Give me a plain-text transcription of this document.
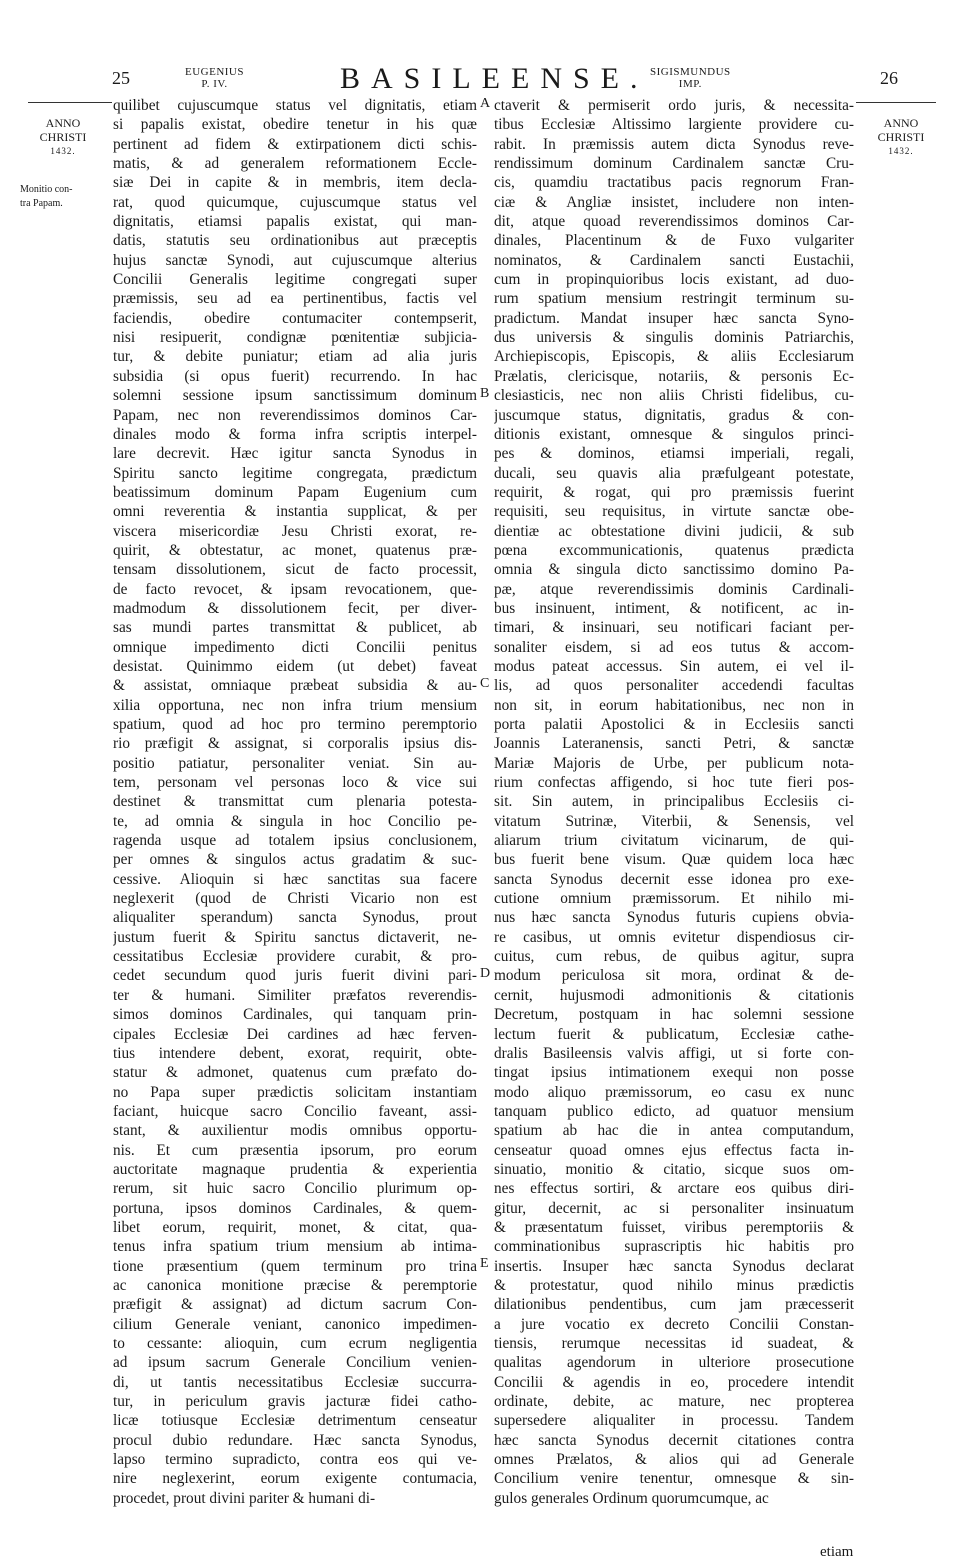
25	EUGENIUS
P. IV.	BASILEENSE. SIGISMUNDUS
IMP.	26
ANNO
CHRISTI
1432.
ANNO
CHRISTI
1432.
Monitio con-
tra Papam.
A
B
C
D
E
quilibet cujuscumque status vel dignitatis, etiam
si papalis existat, obedire tenetur in his quæ
pertinent ad fidem & extirpationem dicti schis-
matis, & ad generalem reformationem Eccle-
siæ Dei in capite & in membris, item decla-
rat, quod quicumque, cujuscumque status vel
dignitatis, etiamsi papalis existat, qui man-
datis, statutis seu ordinationibus aut præceptis
hujus sanctæ Synodi, aut cujuscumque alterius
Concilii Generalis legitime congregati super
præmissis, seu ad ea pertinentibus, factis vel
faciendis, obedire contumaciter contempserit,
nisi resipuerit, condignæ pœnitentiæ subjicia-
tur, & debite puniatur; etiam ad alia juris
subsidia (si opus fuerit) recurrendo. In hac
solemni sessione ipsum sanctissimum dominum
Papam, nec non reverendissimos dominos Car-
dinales modo & forma infra scriptis interpel-
lare decrevit. Hæc igitur sancta Synodus in
Spiritu sancto legitime congregata, prædictum
beatissimum dominum Papam Eugenium cum
omni reverentia & instantia supplicat, & per
viscera misericordiæ Jesu Christi exorat, re-
quirit, & obtestatur, ac monet, quatenus præ-
tensam dissolutionem, sicut de facto processit,
de facto revocet, & ipsam revocationem, que-
madmodum & dissolutionem fecit, per diver-
sas mundi partes transmittat & publicet, ab
omnique impedimento dicti Concilii penitus
desistat. Quinimmo eidem (ut debet) faveat
& assistat, omniaque præbeat subsidia & au-
xilia opportuna, nec non infra trium mensium
spatium, quod ad hoc pro termino peremptorio
rio præfigit & assignat, si corporalis ipsius dis-
positio patiatur, personaliter veniat. Sin au-
tem, personam vel personas loco & vice sui
destinet & transmittat cum plenaria potesta-
te, ad omnia & singula in hoc Concilio pe-
ragenda usque ad totalem ipsius conclusionem,
per omnes & singulos actus gradatim & suc-
cessive. Alioquin si hæc sanctitas sua facere
neglexerit (quod de Christi Vicario non est
aliqualiter sperandum) sancta Synodus, prout
justum fuerit & Spiritu sanctus dictaverit, ne-
cessitatibus Ecclesiæ providere curabit, & pro-
cedet secundum quod juris fuerit divini pari-
ter & humani. Similiter præfatos reverendis-
simos dominos Cardinales, qui tanquam prin-
cipales Ecclesiæ Dei cardines ad hæc ferven-
tius intendere debent, exorat, requirit, obte-
statur & admonet, quatenus cum præfato do-
no Papa super prædictis solicitam instantiam
faciant, huicque sacro Concilio faveant, assi-
stant, & auxilientur modis omnibus opportu-
nis. Et cum præsentia ipsorum, pro eorum
auctoritate magnaque prudentia & experientia
rerum, sit huic sacro Concilio plurimum op-
portuna, ipsos dominos Cardinales, & quem-
libet eorum, requirit, monet, & citat, qua-
tenus infra spatium trium mensium ab intima-
tione præsentium (quem terminum pro trina
ac canonica monitione præcise & peremptorie
præfigit & assignat) ad dictum sacrum Con-
cilium Generale veniant, canonico impedimen-
to cessante: alioquin, cum ecrum negligentia
ad ipsum sacrum Generale Concilium venien-
di, ut tantis necessitatibus Ecclesiæ succurra-
tur, in periculum gravis jacturæ fidei catho-
licæ totiusque Ecclesiæ detrimentum censeatur
procul dubio redundare. Hæc sancta Synodus,
lapso termino supradicto, contra eos qui ve-
nire neglexerint, eorum exigente contumacia,
procedet, prout divini pariter & humani di-
ctaverit & permiserit ordo juris, & necessita-
tibus Ecclesiæ Altissimo largiente providere cu-
rabit. In præmissis autem dicta Synodus reve-
rendissimum dominum Cardinalem sanctæ Cru-
cis, quamdiu tractatibus pacis regnorum Fran-
ciæ & Angliæ insistet, includere non inten-
dit, atque quoad reverendissimos dominos Car-
dinales, Placentinum & de Fuxo vulgariter
nominatos, & Cardinalem sancti Eustachii,
cum in propinquioribus locis existant, ad duo-
rum spatium mensium restringit terminum su-
pradictum. Mandat insuper hæc sancta Syno-
dus universis & singulis dominis Patriarchis,
Archiepiscopis, Episcopis, & aliis Ecclesiarum
Prælatis, clericisque, notariis, & personis Ec-
clesiasticis, nec non aliis Christi fidelibus, cu-
juscumque status, dignitatis, gradus & con-
ditionis existant, omnesque & singulos princi-
pes & dominos, etiamsi imperiali, regali,
ducali, seu quavis alia præfulgeant potestate,
requirit, & rogat, qui pro præmissis fuerint
requisiti, seu requisitus, in virtute sanctæ obe-
dientiæ ac obtestatione divini judicii, & sub
pœna excommunicationis, quatenus prædicta
omnia & singula dicto sanctissimo domino Pa-
pæ, atque reverendissimis dominis Cardinali-
bus insinuent, intiment, & notificent, ac in-
timari, & insinuari, seu notificari faciant per-
sonaliter eisdem, si ad eos tutus & accom-
modus pateat accessus. Sin autem, ei vel il-
lis, ad quos personaliter accedendi facultas
non sit, in eorum habitationibus, nec non in
porta palatii Apostolici & in Ecclesiis sancti
Joannis Lateranensis, sancti Petri, & sanctæ
Mariæ Majoris de Urbe, per publicum nota-
rium confectas affigendo, si hoc tute fieri pos-
sit. Sin autem, in principalibus Ecclesiis ci-
vitatum Sutrinæ, Viterbii, & Senensis, vel
aliarum trium civitatum vicinarum, de qui-
bus fuerit bene visum. Quæ quidem loca hæc
sancta Synodus decernit esse idonea pro exe-
cutione omnium præmissorum. Et nihilo mi-
nus hæc sancta Synodus futuris cupiens obvia-
re casibus, ut omnis evitetur dispendiosus cir-
cuitus, cum rebus, de quibus agitur, supra
modum periculosa sit mora, ordinat & de-
cernit, hujusmodi admonitionis & citationis
Decretum, postquam in hac solemni sessione
lectum fuerit & publicatum, Ecclesiæ cathe-
dralis Basileensis valvis affigi, ut si forte con-
tingat ipsius intimationem exequi non posse
modo aliquo præmissorum, eo casu ex nunc
tanquam publico edicto, ad quatuor mensium
spatium ab hac die in antea computandum,
censeatur quoad omnes ejus effectus facta in-
sinuatio, monitio & citatio, sicque suos om-
nes effectus sortiri, & arctare eos quibus diri-
gitur, decernit, ac si personaliter insinuatum
& præsentatum fuisset, viribus peremptoriis &
comminationibus suprascriptis hic habitis pro
insertis. Insuper hæc sancta Synodus declarat
& protestatur, quod nihilo minus prædictis
dilationibus pendentibus, cum jam præcesserit
a jure vocatio ex decreto Concilii Constan-
tiensis, rerumque necessitas id suadeat, &
qualitas agendorum in ulteriore prosecutione
Concilii & agendis in eo, procedere intendit
ordinate, debite, ac mature, nec propterea
supersedere aliqualiter in processu. Tandem
hæc sancta Synodus decernit citationes contra
omnes Prælatos, & alios qui ad Generale
Concilium venire tenentur, omnesque & sin-
gulos generales Ordinum quorumcumque, ac
etiam
